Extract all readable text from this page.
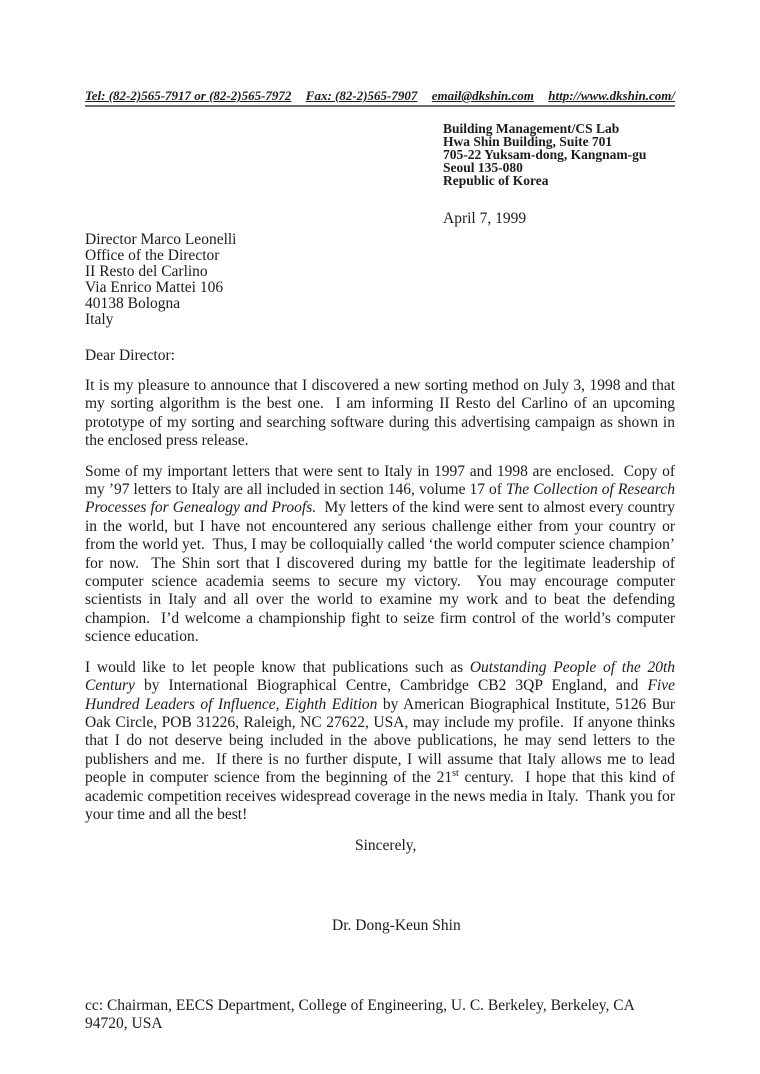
Tel: (82-2)565-7917 or (82-2)565-7972 Fax: (82-2)565-7907 email@dkshin.com http://www.dkshin.com/
Building Management/CS Lab
Hwa Shin Building, Suite 701
705-22 Yuksam-dong, Kangnam-gu
Seoul 135-080
Republic of Korea
April 7, 1999
Director Marco Leonelli
Office of the Director
II Resto del Carlino
Via Enrico Mattei 106
40138 Bologna
Italy
Dear Director:

It is my pleasure to announce that I discovered a new sorting method on July 3, 1998 and that my sorting algorithm is the best one.  I am informing II Resto del Carlino of an upcoming prototype of my sorting and searching software during this advertising campaign as shown in the enclosed press release.

Some of my important letters that were sent to Italy in 1997 and 1998 are enclosed.  Copy of my ’97 letters to Italy are all included in section 146, volume 17 of The Collection of Research Processes for Genealogy and Proofs.  My letters of the kind were sent to almost every country in the world, but I have not encountered any serious challenge either from your country or from the world yet.  Thus, I may be colloquially called ‘the world computer science champion’ for now.  The Shin sort that I discovered during my battle for the legitimate leadership of computer science academia seems to secure my victory.  You may encourage computer scientists in Italy and all over the world to examine my work and to beat the defending champion.  I’d welcome a championship fight to seize firm control of the world’s computer science education.

I would like to let people know that publications such as Outstanding People of the 20th Century by International Biographical Centre, Cambridge CB2 3QP England, and Five Hundred Leaders of Influence, Eighth Edition by American Biographical Institute, 5126 Bur Oak Circle, POB 31226, Raleigh, NC 27622, USA, may include my profile.  If anyone thinks that I do not deserve being included in the above publications, he may send letters to the publishers and me.  If there is no further dispute, I will assume that Italy allows me to lead people in computer science from the beginning of the 21st century.  I hope that this kind of academic competition receives widespread coverage in the news media in Italy.  Thank you for your time and all the best!

Sincerely,
Dr. Dong-Keun Shin
cc: Chairman, EECS Department, College of Engineering, U. C. Berkeley, Berkeley, CA 94720, USA
